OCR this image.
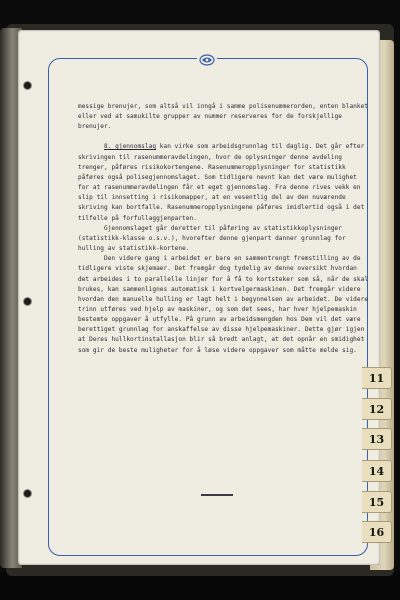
messige brenujer, som altså vil inngå i samme polisenummerorden, enten blanket eller ved at samukilte grupper av nummer reserveres for de forskjellige brenujer.

8. gjennomslag kan virke som arbeidsgrunnlag til daglig. Det går efter skrivingen til rasenummeravdelingen, hvor de oplysninger denne avdeling trenger, påføres risikokortengene. Rasenummeropplysninger for statistikk påføres også polisegjennomslaget. Som tidligere nevnt kan det være mulighet for at rasenummeravdelingen får et eget gjennomslag. Fra denne rives vekk en slip til innsetting i risikomapper, at en vesentlig del av den nuværende skriving kan bortfalle. Rasenummeropplysningene påføres imidlertid også i det tilfelle på forfullaggjenparten.

Gjennomslaget går deretter til påføring av statistikkoplysninger (statistikk-klasse o.s.v.), hvorefter denne gjenpart danner grunnlag for hulling av statistikk-kortene.

Den videre gang i arbeidet er bare en sammentrengt fremstilling av de tidligere viste skjemaer. Det fremgår dog tydelig av denne oversikt hvordan det arbeides i to parallelle linjer for å få to kortsteker som så, når de skal brukes, kan sammenlignes automatisk i kortvelgermaskinen. Det fremgår videre hvordan den manuelle hulling er lagt helt i begynnelsen av arbeidet. De videre trinn utføres ved hjelp av maskiner, og som det sees, har hver hjelpemaskin bestemte oppgaver å utfylle. På grunn av arbeidsmengden hos Dem vil det være berettiget grunnlag for anskaffelse av disse hjelpemaskiner. Dette gjør igjen at Deres hullkortinstallasjon blir så bredt anlagt, at det opnår en smidighet som gir de beste muligheter for å løse videre oppgaver som måtte melde sig.

- 3 -
11
12
13
14
15
16
